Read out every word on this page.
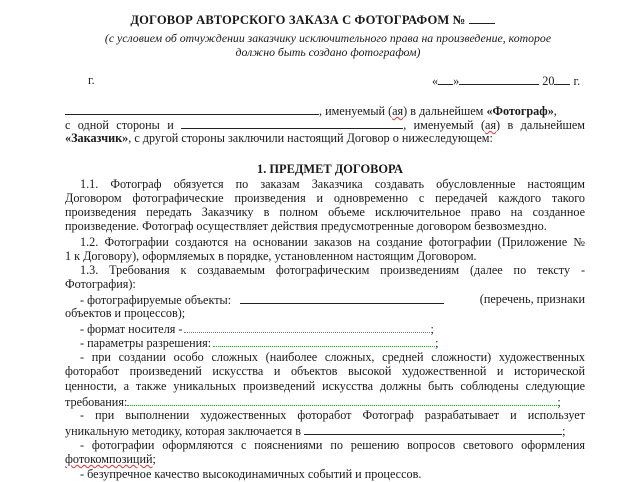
ДОГОВОР АВТОРСКОГО ЗАКАЗА С ФОТОГРАФОМ №
(с условием об отчуждении заказчику исключительного права на произведение, которое
должно быть создано фотографом)
г.	« »	20 г.
, именуемый (ая) в дальнейшем «Фотограф»,
с одной стороны и	, именуемый (ая) в дальнейшем
«Заказчик», с другой стороны заключили настоящий Договор о нижеследующем:
1. ПРЕДМЕТ ДОГОВОРА
1.1. Фотограф обязуется по заказам Заказчика создавать обусловленные настоящим
Договором фотографические произведения и одновременно с передачей каждого такого
произведения передать Заказчику в полном объеме исключительное право на созданное
произведение. Фотограф осуществляет действия предусмотренные договором безвозмездно.
1.2. Фотографии создаются на основании заказов на создание фотографии (Приложение №
1 к Договору), оформляемых в порядке, установленном настоящим Договором.
1.3. Требования к создаваемым фотографическим произведениям (далее по тексту -
Фотография):
- фотографируемые объекты:	(перечень, признаки
объектов и процессов);
- формат носителя -	;
- параметры разрешения:	;
- при создании особо сложных (наиболее сложных, средней сложности) художественных
фоторабот произведений искусства и объектов высокой художественной и исторической
ценности, а также уникальных произведений искусства должны быть соблюдены следующие
требования:	;
- при выполнении художественных фоторабот Фотограф разрабатывает и использует
уникальную методику, которая заключается в	;
- фотографии оформляются с пояснениями по решению вопросов светового оформления
фотокомпозиций;
- безупречное качество высокодинамичных событий и процессов.
